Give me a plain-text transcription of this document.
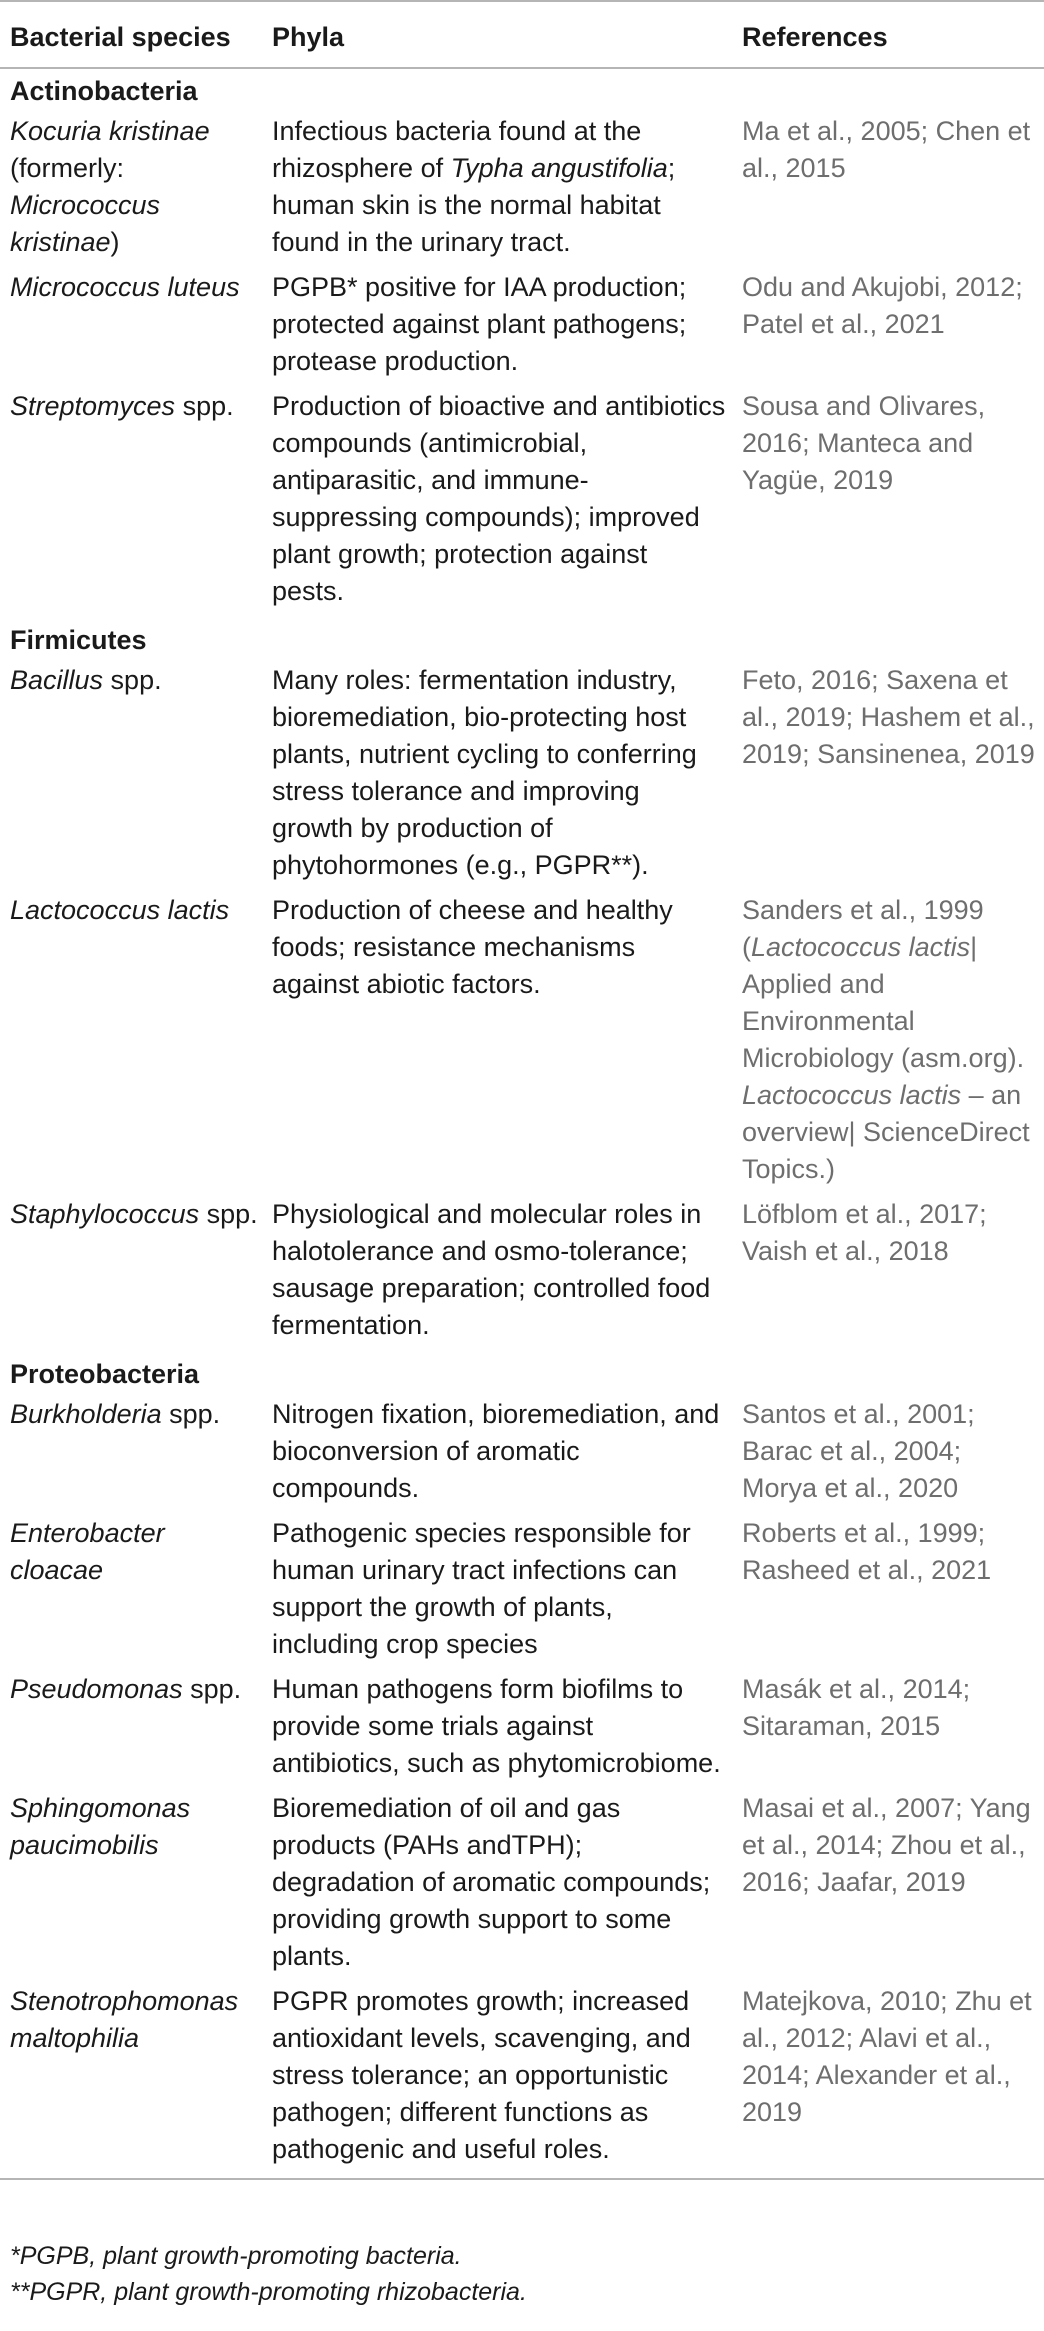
Bacterial species	Phyla	References
Actinobacteria		
Kocuria kristinae (formerly: Micrococcus kristinae)	Infectious bacteria found at the rhizosphere of Typha angustifolia; human skin is the normal habitat found in the urinary tract.	Ma et al., 2005; Chen et al., 2015
Micrococcus luteus	PGPB* positive for IAA production; protected against plant pathogens; protease production.	Odu and Akujobi, 2012; Patel et al., 2021
Streptomyces spp.	Production of bioactive and antibiotics compounds (antimicrobial, antiparasitic, and immune-suppressing compounds); improved plant growth; protection against pests.	Sousa and Olivares, 2016; Manteca and Yagüe, 2019
Firmicutes		
Bacillus spp.	Many roles: fermentation industry, bioremediation, bio-protecting host plants, nutrient cycling to conferring stress tolerance and improving growth by production of phytohormones (e.g., PGPR**).	Feto, 2016; Saxena et al., 2019; Hashem et al., 2019; Sansinenea, 2019
Lactococcus lactis	Production of cheese and healthy foods; resistance mechanisms against abiotic factors.	Sanders et al., 1999 (Lactococcus lactis| Applied and Environmental Microbiology (asm.org). Lactococcus lactis – an overview| ScienceDirect Topics.)
Staphylococcus spp.	Physiological and molecular roles in halotolerance and osmo-tolerance; sausage preparation; controlled food fermentation.	Löfblom et al., 2017; Vaish et al., 2018
Proteobacteria		
Burkholderia spp.	Nitrogen fixation, bioremediation, and bioconversion of aromatic compounds.	Santos et al., 2001; Barac et al., 2004; Morya et al., 2020
Enterobacter cloacae	Pathogenic species responsible for human urinary tract infections can support the growth of plants, including crop species	Roberts et al., 1999; Rasheed et al., 2021
Pseudomonas spp.	Human pathogens form biofilms to provide some trials against antibiotics, such as phytomicrobiome.	Masák et al., 2014; Sitaraman, 2015
Sphingomonas paucimobilis	Bioremediation of oil and gas products (PAHs andTPH); degradation of aromatic compounds; providing growth support to some plants.	Masai et al., 2007; Yang et al., 2014; Zhou et al., 2016; Jaafar, 2019
Stenotrophomonas maltophilia	PGPR promotes growth; increased antioxidant levels, scavenging, and stress tolerance; an opportunistic pathogen; different functions as pathogenic and useful roles.	Matejkova, 2010; Zhu et al., 2012; Alavi et al., 2014; Alexander et al., 2019
*PGPB, plant growth-promoting bacteria.
**PGPR, plant growth-promoting rhizobacteria.
